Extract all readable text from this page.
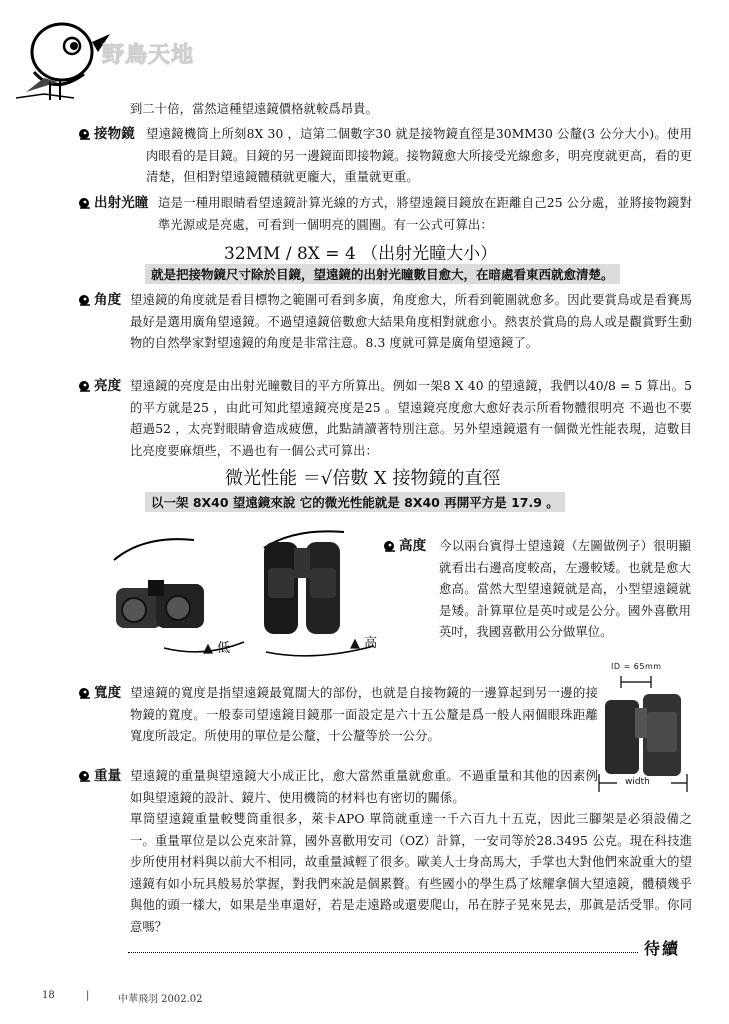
野鳥天地
到二十倍，當然這種望遠鏡價格就較爲昂貴。
接物鏡 望遠鏡機筒上所刻8X 30 ，這第二個數字30 就是接物鏡直徑是30MM30 公釐(3 公分大小)。使用肉眼看的是目鏡。目鏡的另一邊鏡面即接物鏡。接物鏡愈大所接受光線愈多，明亮度就更高，看的更清楚，但相對望遠鏡體積就更龐大，重量就更重。
出射光瞳 這是一種用眼睛看望遠鏡計算光線的方式，將望遠鏡目鏡放在距離自己25 公分處，並將接物鏡對準光源或是亮處，可看到一個明亮的圓圈。有一公式可算出：
32MM / 8X = 4 （出射光瞳大小）
就是把接物鏡尺寸除於目鏡，望遠鏡的出射光瞳數目愈大，在暗處看東西就愈清楚。
角度 望遠鏡的角度就是看目標物之範圍可看到多廣，角度愈大，所看到範圍就愈多。因此要賞鳥或是看賽馬最好是選用廣角望遠鏡。不過望遠鏡倍數愈大結果角度相對就愈小。熱衷於賞鳥的鳥人或是觀賞野生動物的自然學家對望遠鏡的角度是非常注意。8.3 度就可算是廣角望遠鏡了。
亮度 望遠鏡的亮度是由出射光瞳數目的平方所算出。例如一架8 X 40 的望遠鏡，我們以40/8 = 5 算出。5 的平方就是25 ，由此可知此望遠鏡亮度是25 。望遠鏡亮度愈大愈好表示所看物體很明亮 不過也不要超過52 ，太亮對眼睛會造成疲憊，此點請讀著特別注意。另外望遠鏡還有一個微光性能表現，這數目比亮度要麻煩些，不過也有一個公式可算出：
微光性能 ＝√倍數 X 接物鏡的直徑
以一架 8X40 望遠鏡來說 它的微光性能就是 8X40 再開平方是 17.9 。
▲ 低	▲ 高
高度 今以兩台賓得士望遠鏡（左圖做例子）很明顯就看出右邊高度較高，左邊較矮。也就是愈大愈高。當然大型望遠鏡就是高，小型望遠鏡就是矮。計算單位是英吋或是公分。國外喜歡用英吋，我國喜歡用公分做單位。
ID = 65mm
width
寬度 望遠鏡的寬度是指望遠鏡最寬闊大的部份，也就是自接物鏡的一邊算起到另一邊的接物鏡的寬度。一般泰司望遠鏡目鏡那一面設定是六十五公釐是爲一般人兩個眼珠距離寬度所設定。所使用的單位是公釐，十公釐等於一公分。
重量 望遠鏡的重量與望遠鏡大小成正比，愈大當然重量就愈重。不過重量和其他的因素例如與望遠鏡的設計、鏡片、使用機筒的材料也有密切的關係。
單筒望遠鏡重量較雙筒重很多，萊卡APO 單筒就重達一千六百九十五克，因此三腳架是必須設備之一。重量單位是以公克來計算，國外喜歡用安司（OZ）計算，一安司等於28.3495 公克。現在科技進步所使用材料與以前大不相同，故重量減輕了很多。歐美人士身高馬大，手掌也大對他們來說重大的望遠鏡有如小玩具般易於掌握，對我們來說是個累贅。有些國小的學生爲了炫耀拿個大望遠鏡，體積幾乎與他的頭一樣大，如果是坐車還好，若是走遠路或還要爬山，吊在脖子晃來晃去，那眞是活受罪。你同意嗎？
待續
18	|	中華飛羽 2002.02
